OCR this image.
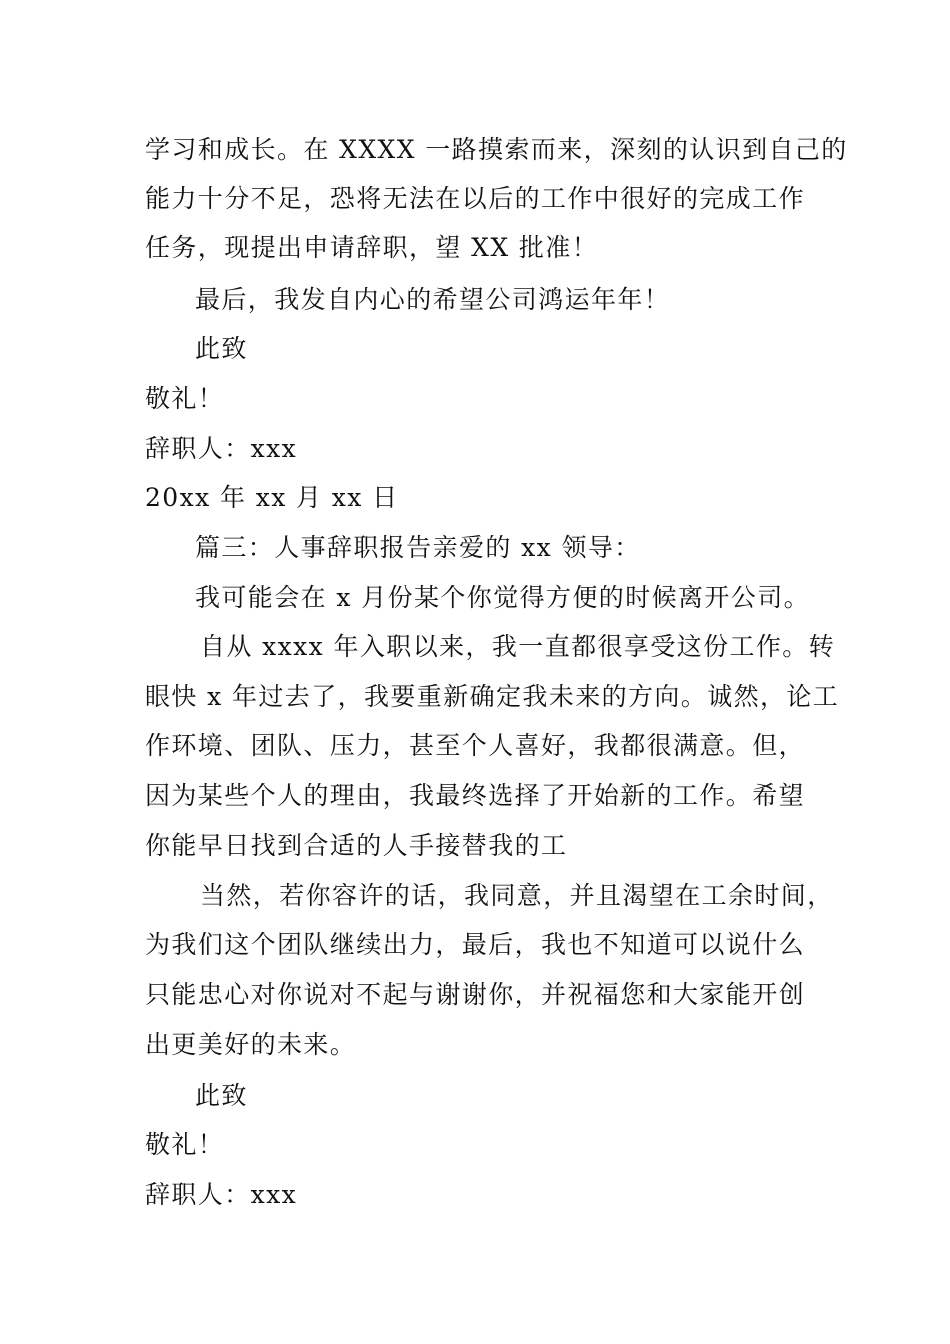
学习和成长。在 XXXX 一路摸索而来，深刻的认识到自己的
能力十分不足，恐将无法在以后的工作中很好的完成工作
任务，现提出申请辞职，望 XX 批准！
最后，我发自内心的希望公司鸿运年年！
此致
敬礼！
辞职人：xxx
20xx 年 xx 月 xx 日
篇三：人事辞职报告亲爱的 xx 领导：
我可能会在 x 月份某个你觉得方便的时候离开公司。
自从 xxxx 年入职以来，我一直都很享受这份工作。转
眼快 x 年过去了，我要重新确定我未来的方向。诚然，论工
作环境、团队、压力，甚至个人喜好，我都很满意。但，
因为某些个人的理由，我最终选择了开始新的工作。希望
你能早日找到合适的人手接替我的工
当然，若你容许的话，我同意，并且渴望在工余时间，
为我们这个团队继续出力，最后，我也不知道可以说什么
只能忠心对你说对不起与谢谢你，并祝福您和大家能开创
出更美好的未来。
此致
敬礼！
辞职人：xxx
